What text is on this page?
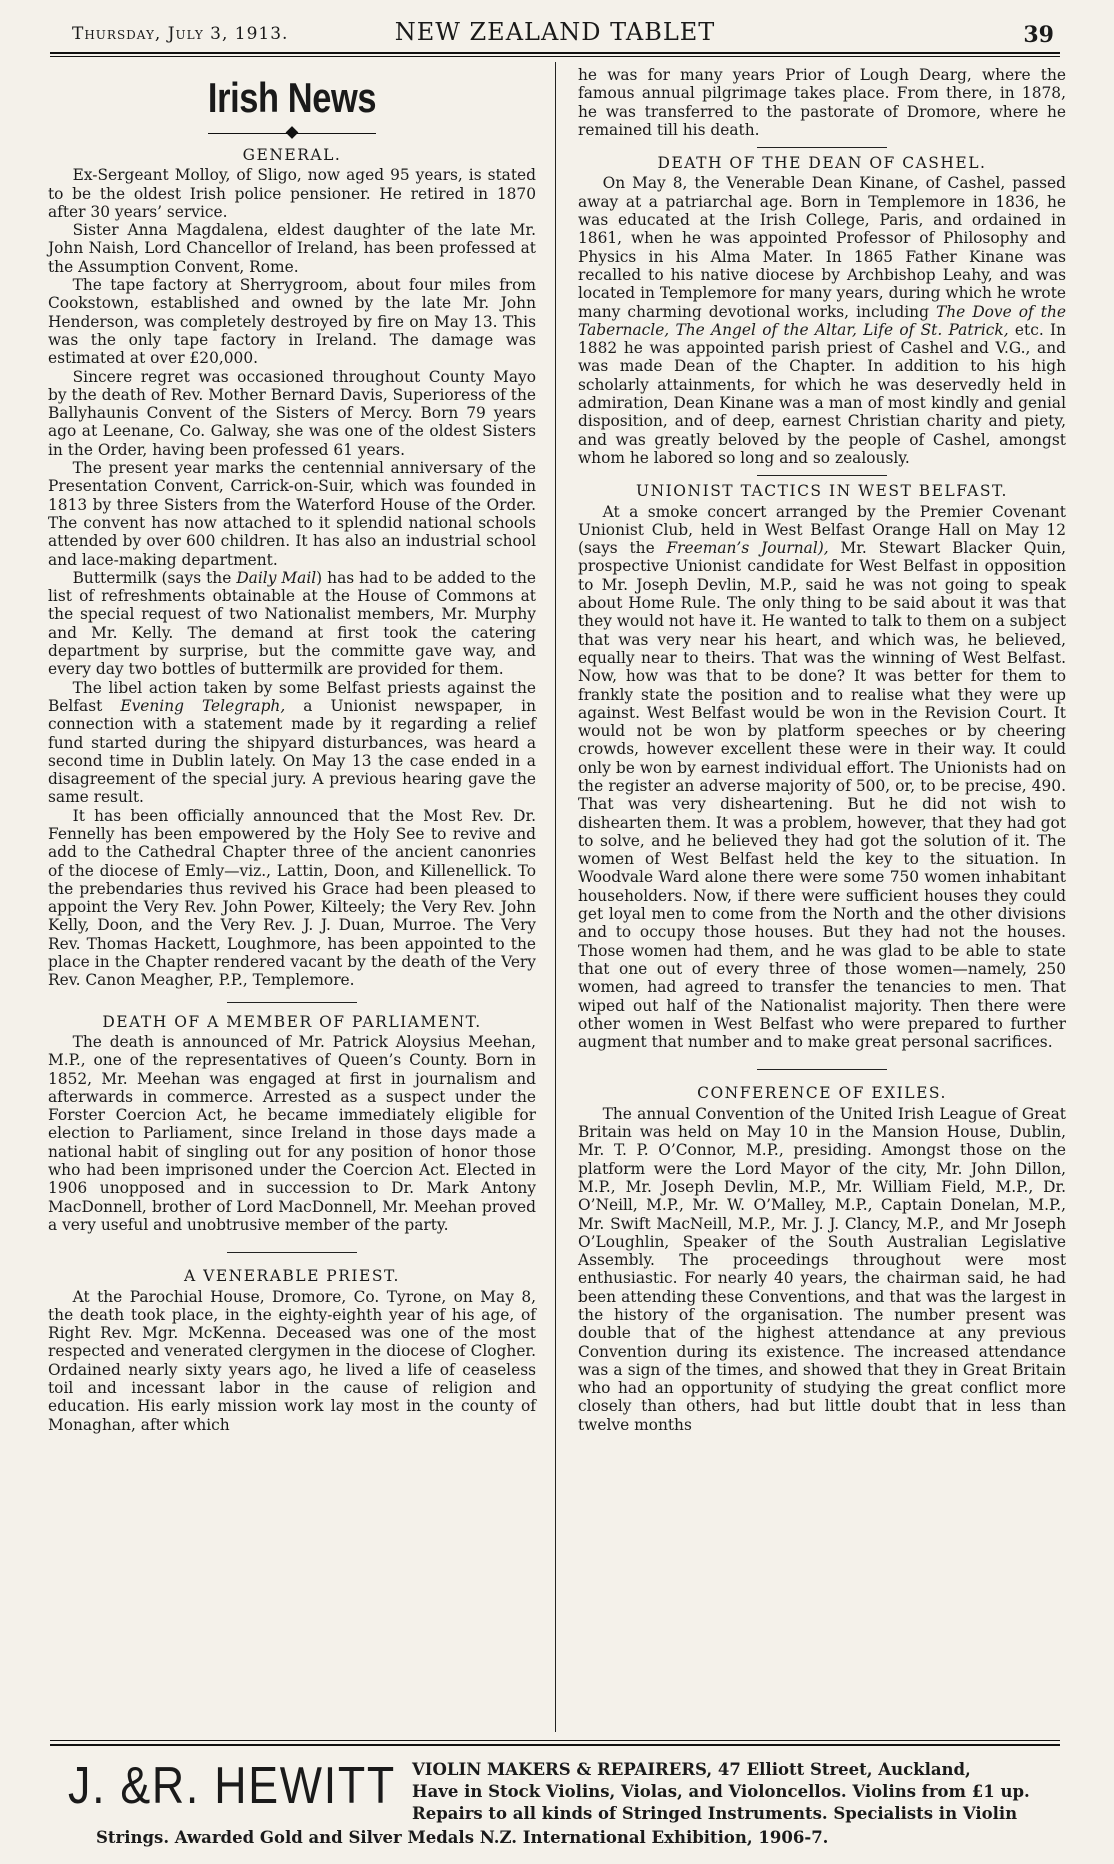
Thursday, July 3, 1913.	NEW ZEALAND TABLET	39
Irish News
GENERAL.

Ex-Sergeant Molloy, of Sligo, now aged 95 years, is stated to be the oldest Irish police pensioner. He retired in 1870 after 30 years’ service.

Sister Anna Magdalena, eldest daughter of the late Mr. John Naish, Lord Chancellor of Ireland, has been professed at the Assumption Convent, Rome.

The tape factory at Sherrygroom, about four miles from Cookstown, established and owned by the late Mr. John Henderson, was completely destroyed by fire on May 13. This was the only tape factory in Ireland. The damage was estimated at over £20,000.

Sincere regret was occasioned throughout County Mayo by the death of Rev. Mother Bernard Davis, Superioress of the Ballyhaunis Convent of the Sisters of Mercy. Born 79 years ago at Leenane, Co. Galway, she was one of the oldest Sisters in the Order, having been professed 61 years.

The present year marks the centennial anniversary of the Presentation Convent, Carrick-on-Suir, which was founded in 1813 by three Sisters from the Waterford House of the Order. The convent has now attached to it splendid national schools attended by over 600 children. It has also an industrial school and lace-making department.

Buttermilk (says the Daily Mail) has had to be added to the list of refreshments obtainable at the House of Commons at the special request of two Nationalist members, Mr. Murphy and Mr. Kelly. The demand at first took the catering department by surprise, but the committe gave way, and every day two bottles of buttermilk are provided for them.

The libel action taken by some Belfast priests against the Belfast Evening Telegraph, a Unionist newspaper, in connection with a statement made by it regarding a relief fund started during the shipyard disturbances, was heard a second time in Dublin lately. On May 13 the case ended in a disagreement of the special jury. A previous hearing gave the same result.

It has been officially announced that the Most Rev. Dr. Fennelly has been empowered by the Holy See to revive and add to the Cathedral Chapter three of the ancient canonries of the diocese of Emly—viz., Lattin, Doon, and Killenellick. To the prebendaries thus revived his Grace had been pleased to appoint the Very Rev. John Power, Kilteely; the Very Rev. John Kelly, Doon, and the Very Rev. J. J. Duan, Murroe. The Very Rev. Thomas Hackett, Loughmore, has been appointed to the place in the Chapter rendered vacant by the death of the Very Rev. Canon Meagher, P.P., Templemore.

DEATH OF A MEMBER OF PARLIAMENT.

The death is announced of Mr. Patrick Aloysius Meehan, M.P., one of the representatives of Queen’s County. Born in 1852, Mr. Meehan was engaged at first in journalism and afterwards in commerce. Arrested as a suspect under the Forster Coercion Act, he became immediately eligible for election to Parliament, since Ireland in those days made a national habit of singling out for any position of honor those who had been imprisoned under the Coercion Act. Elected in 1906 unopposed and in succession to Dr. Mark Antony MacDonnell, brother of Lord MacDonnell, Mr. Meehan proved a very useful and unobtrusive member of the party.

A VENERABLE PRIEST.

At the Parochial House, Dromore, Co. Tyrone, on May 8, the death took place, in the eighty-eighth year of his age, of Right Rev. Mgr. McKenna. Deceased was one of the most respected and venerated clergymen in the diocese of Clogher. Ordained nearly sixty years ago, he lived a life of ceaseless toil and incessant labor in the cause of religion and education. His early mission work lay most in the county of Monaghan, after which

he was for many years Prior of Lough Dearg, where the famous annual pilgrimage takes place. From there, in 1878, he was transferred to the pastorate of Dromore, where he remained till his death.

DEATH OF THE DEAN OF CASHEL.

On May 8, the Venerable Dean Kinane, of Cashel, passed away at a patriarchal age. Born in Templemore in 1836, he was educated at the Irish College, Paris, and ordained in 1861, when he was appointed Professor of Philosophy and Physics in his Alma Mater. In 1865 Father Kinane was recalled to his native diocese by Archbishop Leahy, and was located in Templemore for many years, during which he wrote many charming devotional works, including The Dove of the Tabernacle, The Angel of the Altar, Life of St. Patrick, etc. In 1882 he was appointed parish priest of Cashel and V.G., and was made Dean of the Chapter. In addition to his high scholarly attainments, for which he was deservedly held in admiration, Dean Kinane was a man of most kindly and genial disposition, and of deep, earnest Christian charity and piety, and was greatly beloved by the people of Cashel, amongst whom he labored so long and so zealously.

UNIONIST TACTICS IN WEST BELFAST.

At a smoke concert arranged by the Premier Covenant Unionist Club, held in West Belfast Orange Hall on May 12 (says the Freeman’s Journal), Mr. Stewart Blacker Quin, prospective Unionist candidate for West Belfast in opposition to Mr. Joseph Devlin, M.P., said he was not going to speak about Home Rule. The only thing to be said about it was that they would not have it. He wanted to talk to them on a subject that was very near his heart, and which was, he believed, equally near to theirs. That was the winning of West Belfast. Now, how was that to be done? It was better for them to frankly state the position and to realise what they were up against. West Belfast would be won in the Revision Court. It would not be won by platform speeches or by cheering crowds, however excellent these were in their way. It could only be won by earnest individual effort. The Unionists had on the register an adverse majority of 500, or, to be precise, 490. That was very disheartening. But he did not wish to dishearten them. It was a problem, however, that they had got to solve, and he believed they had got the solution of it. The women of West Belfast held the key to the situation. In Woodvale Ward alone there were some 750 women inhabitant householders. Now, if there were sufficient houses they could get loyal men to come from the North and the other divisions and to occupy those houses. But they had not the houses. Those women had them, and he was glad to be able to state that one out of every three of those women—namely, 250 women, had agreed to transfer the tenancies to men. That wiped out half of the Nationalist majority. Then there were other women in West Belfast who were prepared to further augment that number and to make great personal sacrifices.

CONFERENCE OF EXILES.

The annual Convention of the United Irish League of Great Britain was held on May 10 in the Mansion House, Dublin, Mr. T. P. O’Connor, M.P., presiding. Amongst those on the platform were the Lord Mayor of the city, Mr. John Dillon, M.P., Mr. Joseph Devlin, M.P., Mr. William Field, M.P., Dr. O’Neill, M.P., Mr. W. O’Malley, M.P., Captain Donelan, M.P., Mr. Swift MacNeill, M.P., Mr. J. J. Clancy, M.P., and Mr Joseph O’Loughlin, Speaker of the South Australian Legislative Assembly. The proceedings throughout were most enthusiastic. For nearly 40 years, the chairman said, he had been attending these Conventions, and that was the largest in the history of the organisation. The number present was double that of the highest attendance at any previous Convention during its existence. The increased attendance was a sign of the times, and showed that they in Great Britain who had an opportunity of studying the great conflict more closely than others, had but little doubt that in less than twelve months

J. &R. HEWITT VIOLIN MAKERS & REPAIRERS, 47 Elliott Street, Auckland,
Have in Stock Violins, Violas, and Violoncellos. Violins from £1 up.
Repairs to all kinds of Stringed Instruments. Specialists in Violin
Strings. Awarded Gold and Silver Medals N.Z. International Exhibition, 1906-7.
